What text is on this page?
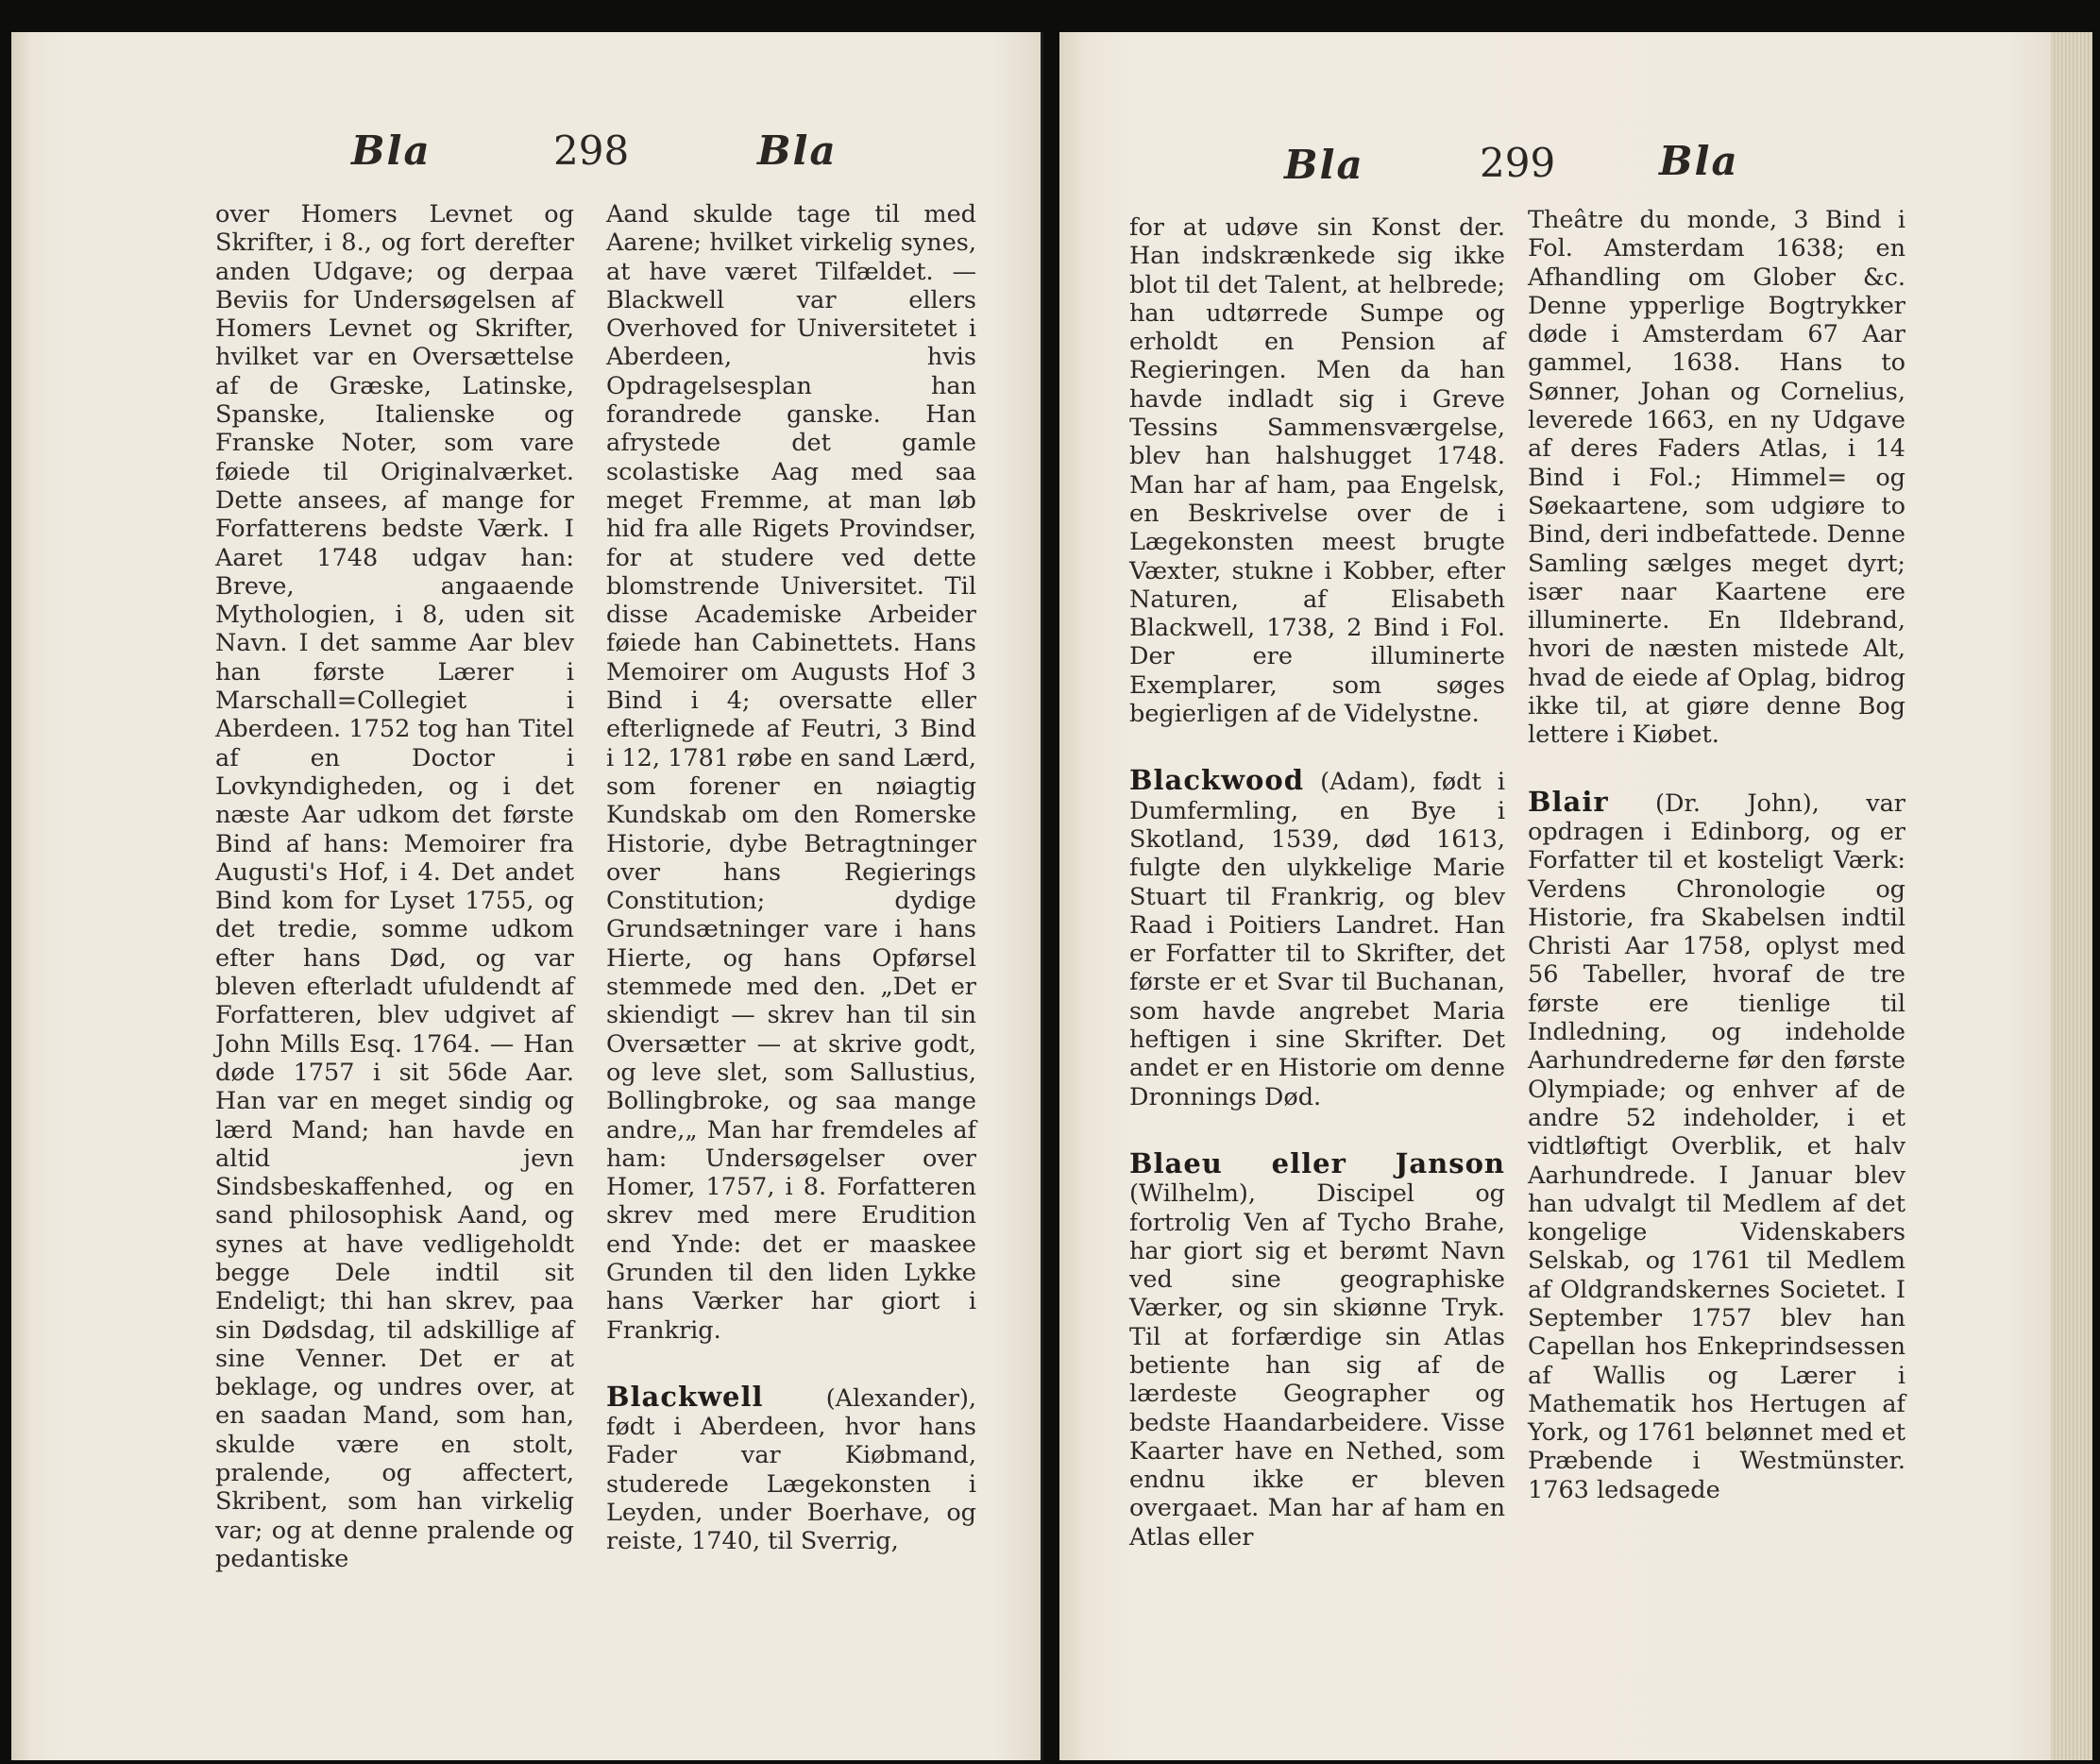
Bla	298	Bla	Bla	299	Bla

over Homers Levnet og Skrifter, i 8., og fort derefter anden Udgave; og derpaa Beviis for Undersøgelsen af Homers Levnet og Skrifter, hvilket var en Oversættelse af de Græske, Latinske, Spanske, Italienske og Franske Noter, som vare føiede til Originalværket. Dette ansees, af mange for Forfatterens bedste Værk. I Aaret 1748 udgav han: Breve, angaaende Mythologien, i 8, uden sit Navn. I det samme Aar blev han første Lærer i Marschall=Collegiet i Aberdeen. 1752 tog han Titel af en Doctor i Lovkyndigheden, og i det næste Aar udkom det første Bind af hans: Memoirer fra Augusti's Hof, i 4. Det andet Bind kom for Lyset 1755, og det tredie, somme udkom efter hans Død, og var bleven efterladt ufuldendt af Forfatteren, blev udgivet af John Mills Esq. 1764. — Han døde 1757 i sit 56de Aar. Han var en meget sindig og lærd Mand; han havde en altid jevn Sindsbeskaffenhed, og en sand philosophisk Aand, og synes at have vedligeholdt begge Dele indtil sit Endeligt; thi han skrev, paa sin Dødsdag, til adskillige af sine Venner. Det er at beklage, og undres over, at en saadan Mand, som han, skulde være en stolt, pralende, og affectert, Skribent, som han virkelig var; og at denne pralende og pedantiske

Aand skulde tage til med Aarene; hvilket virkelig synes, at have været Tilfældet. — Blackwell var ellers Overhoved for Universitetet i Aberdeen, hvis Opdragelsesplan han forandrede ganske. Han afrystede det gamle scolastiske Aag med saa meget Fremme, at man løb hid fra alle Rigets Provindser, for at studere ved dette blomstrende Universitet. Til disse Academiske Arbeider føiede han Cabinettets. Hans Memoirer om Augusts Hof 3 Bind i 4; oversatte eller efterlignede af Feutri, 3 Bind i 12, 1781 røbe en sand Lærd, som forener en nøiagtig Kundskab om den Romerske Historie, dybe Betragtninger over hans Regierings Constitution; dydige Grundsætninger vare i hans Hierte, og hans Opførsel stemmede med den. „Det er skiendigt — skrev han til sin Oversætter — at skrive godt, og leve slet, som Sallustius, Bollingbroke, og saa mange andre,„ Man har fremdeles af ham: Undersøgelser over Homer, 1757, i 8. Forfatteren skrev med mere Erudition end Ynde: det er maaskee Grunden til den liden Lykke hans Værker har giort i Frankrig.

Blackwell	(Alexander), født i Aberdeen, hvor hans Fader var Kiøbmand, studerede Lægekonsten i Leyden, under Boerhave, og reiste, 1740, til Sverrig,

for at udøve sin Konst der. Han indskrænkede sig ikke blot til det Talent, at helbrede; han udtørrede Sumpe og erholdt en Pension af Regieringen. Men da han havde indladt sig i Greve Tessins Sammensværgelse, blev han halshugget 1748. Man har af ham, paa Engelsk, en Beskrivelse over de i Lægekonsten meest brugte Væxter, stukne i Kobber, efter Naturen, af Elisabeth Blackwell, 1738, 2 Bind i Fol. Der ere illuminerte Exemplarer, som søges begierligen af de Videlystne.

Blackwood (Adam), født i Dumfermling, en Bye i Skotland, 1539, død 1613, fulgte den ulykkelige Marie Stuart til Frankrig, og blev Raad i Poitiers Landret. Han er Forfatter til to Skrifter, det første er et Svar til Buchanan, som havde angrebet Maria heftigen i sine Skrifter. Det andet er en Historie om denne Dronnings Død.

Blaeu eller Janson (Wilhelm), Discipel og fortrolig Ven af Tycho Brahe, har giort sig et berømt Navn ved sine geographiske Værker, og sin skiønne Tryk. Til at forfærdige sin Atlas betiente han sig af de lærdeste Geographer og bedste Haandarbeidere. Visse Kaarter have en Nethed, som endnu ikke er bleven overgaaet. Man har af ham en Atlas eller

Theâtre du monde, 3 Bind i Fol. Amsterdam 1638; en Afhandling om Glober &c. Denne ypperlige Bogtrykker døde i Amsterdam 67 Aar gammel, 1638. Hans to Sønner, Johan og Cornelius, leverede 1663, en ny Udgave af deres Faders Atlas, i 14 Bind i Fol.; Himmel= og Søekaartene, som udgiøre to Bind, deri indbefattede. Denne Samling sælges meget dyrt; især naar Kaartene ere illuminerte. En Ildebrand, hvori de næsten mistede Alt, hvad de eiede af Oplag, bidrog ikke til, at giøre denne Bog lettere i Kiøbet.

Blair (Dr. John), var opdragen i Edinborg, og er Forfatter til et kosteligt Værk: Verdens Chronologie og Historie, fra Skabelsen indtil Christi Aar 1758, oplyst med 56 Tabeller, hvoraf de tre første ere tienlige til Indledning, og indeholde Aarhundrederne før den første Olympiade; og enhver af de andre 52 indeholder, i et vidtløftigt Overblik, et halv Aarhundrede. I Januar blev han udvalgt til Medlem af det kongelige Videnskabers Selskab, og 1761 til Medlem af Oldgrandskernes Societet. I September 1757 blev han Capellan hos Enkeprindsessen af Wallis og Lærer i Mathematik hos Hertugen af York, og 1761 belønnet med et Præbende i Westmünster. 1763 ledsagede
